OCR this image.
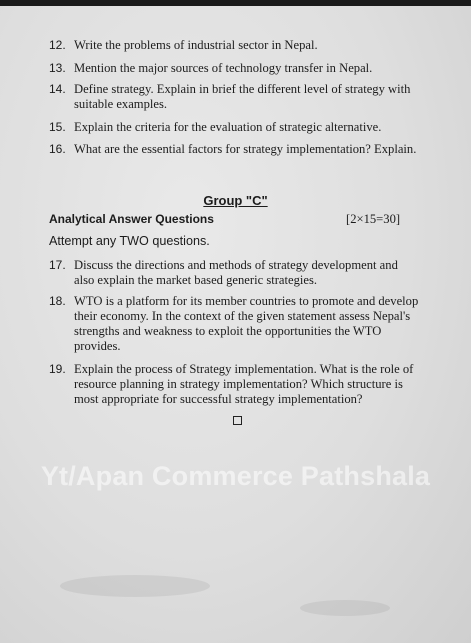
12. Write the problems of industrial sector in Nepal.
13. Mention the major sources of technology transfer in Nepal.
14. Define strategy. Explain in brief the different level of strategy with suitable examples.
15. Explain the criteria for the evaluation of strategic alternative.
16. What are the essential factors for strategy implementation? Explain.
Group "C"
Analytical Answer Questions	[2×15=30]
Attempt any TWO questions.
17. Discuss the directions and methods of strategy development and also explain the market based generic strategies.
18. WTO is a platform for its member countries to promote and develop their economy. In the context of the given statement assess Nepal's strengths and weakness to exploit the opportunities the WTO provides.
19. Explain the process of Strategy implementation. What is the role of resource planning in strategy implementation? Which structure is most appropriate for successful strategy implementation?
Yt/Apan Commerce Pathshala
